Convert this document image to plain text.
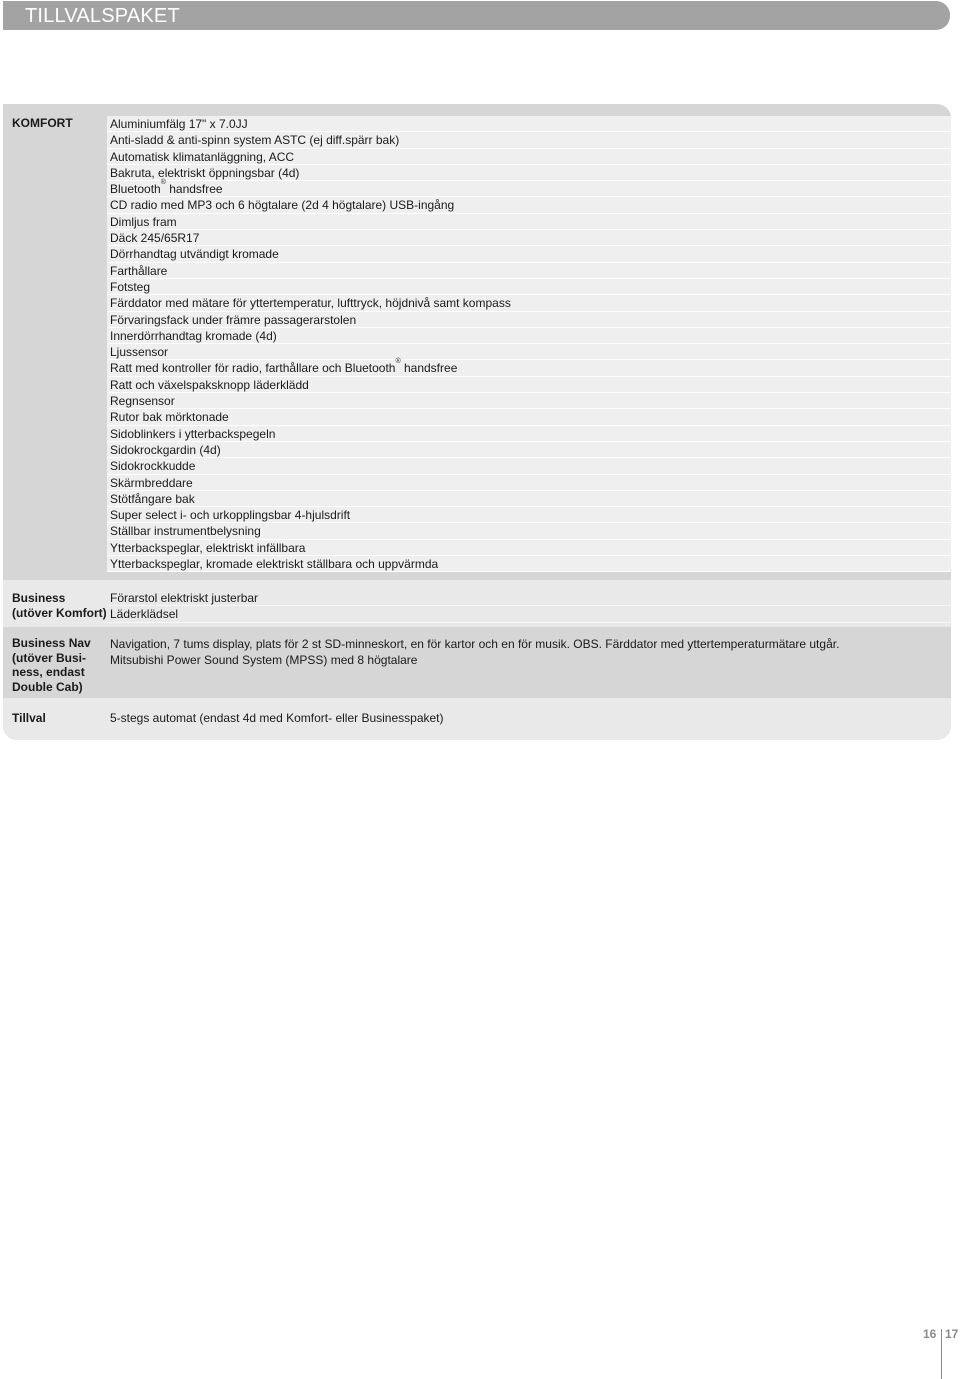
TILLVALSPAKET
KOMFORT	Aluminiumfälg 17" x 7.0JJ
Anti-sladd & anti-spinn system ASTC (ej diff.spärr bak)
Automatisk klimatanläggning, ACC
Bakruta, elektriskt öppningsbar (4d)
Bluetooth® handsfree
CD radio med MP3 och 6 högtalare (2d 4 högtalare) USB-ingång
Dimljus fram
Däck 245/65R17
Dörrhandtag utvändigt kromade
Farthållare
Fotsteg
Färddator med mätare för yttertemperatur, lufttryck, höjdnivå samt kompass
Förvaringsfack under främre passagerarstolen
Innerdörrhandtag kromade (4d)
Ljussensor
Ratt med kontroller för radio, farthållare och Bluetooth® handsfree
Ratt och växelspaksknopp läderklädd
Regnsensor
Rutor bak mörktonade
Sidoblinkers i ytterbackspegeln
Sidokrockgardin (4d)
Sidokrockkudde
Skärmbreddare
Stötfångare bak
Super select i- och urkopplingsbar 4-hjulsdrift
Ställbar instrumentbelysning
Ytterbackspeglar, elektriskt infällbara
Ytterbackspeglar, kromade elektriskt ställbara och uppvärmda
Business
(utöver Komfort)
Förarstol elektriskt justerbar
Läderklädsel
Business Nav
(utöver Busi-
ness, endast
Double Cab)
Navigation, 7 tums display, plats för 2 st SD-minneskort, en för kartor och en för musik. OBS. Färddator med yttertemperaturmätare utgår.
Mitsubishi Power Sound System (MPSS) med 8 högtalare
Tillval	5-stegs automat (endast 4d med Komfort- eller Businesspaket)
16 17
